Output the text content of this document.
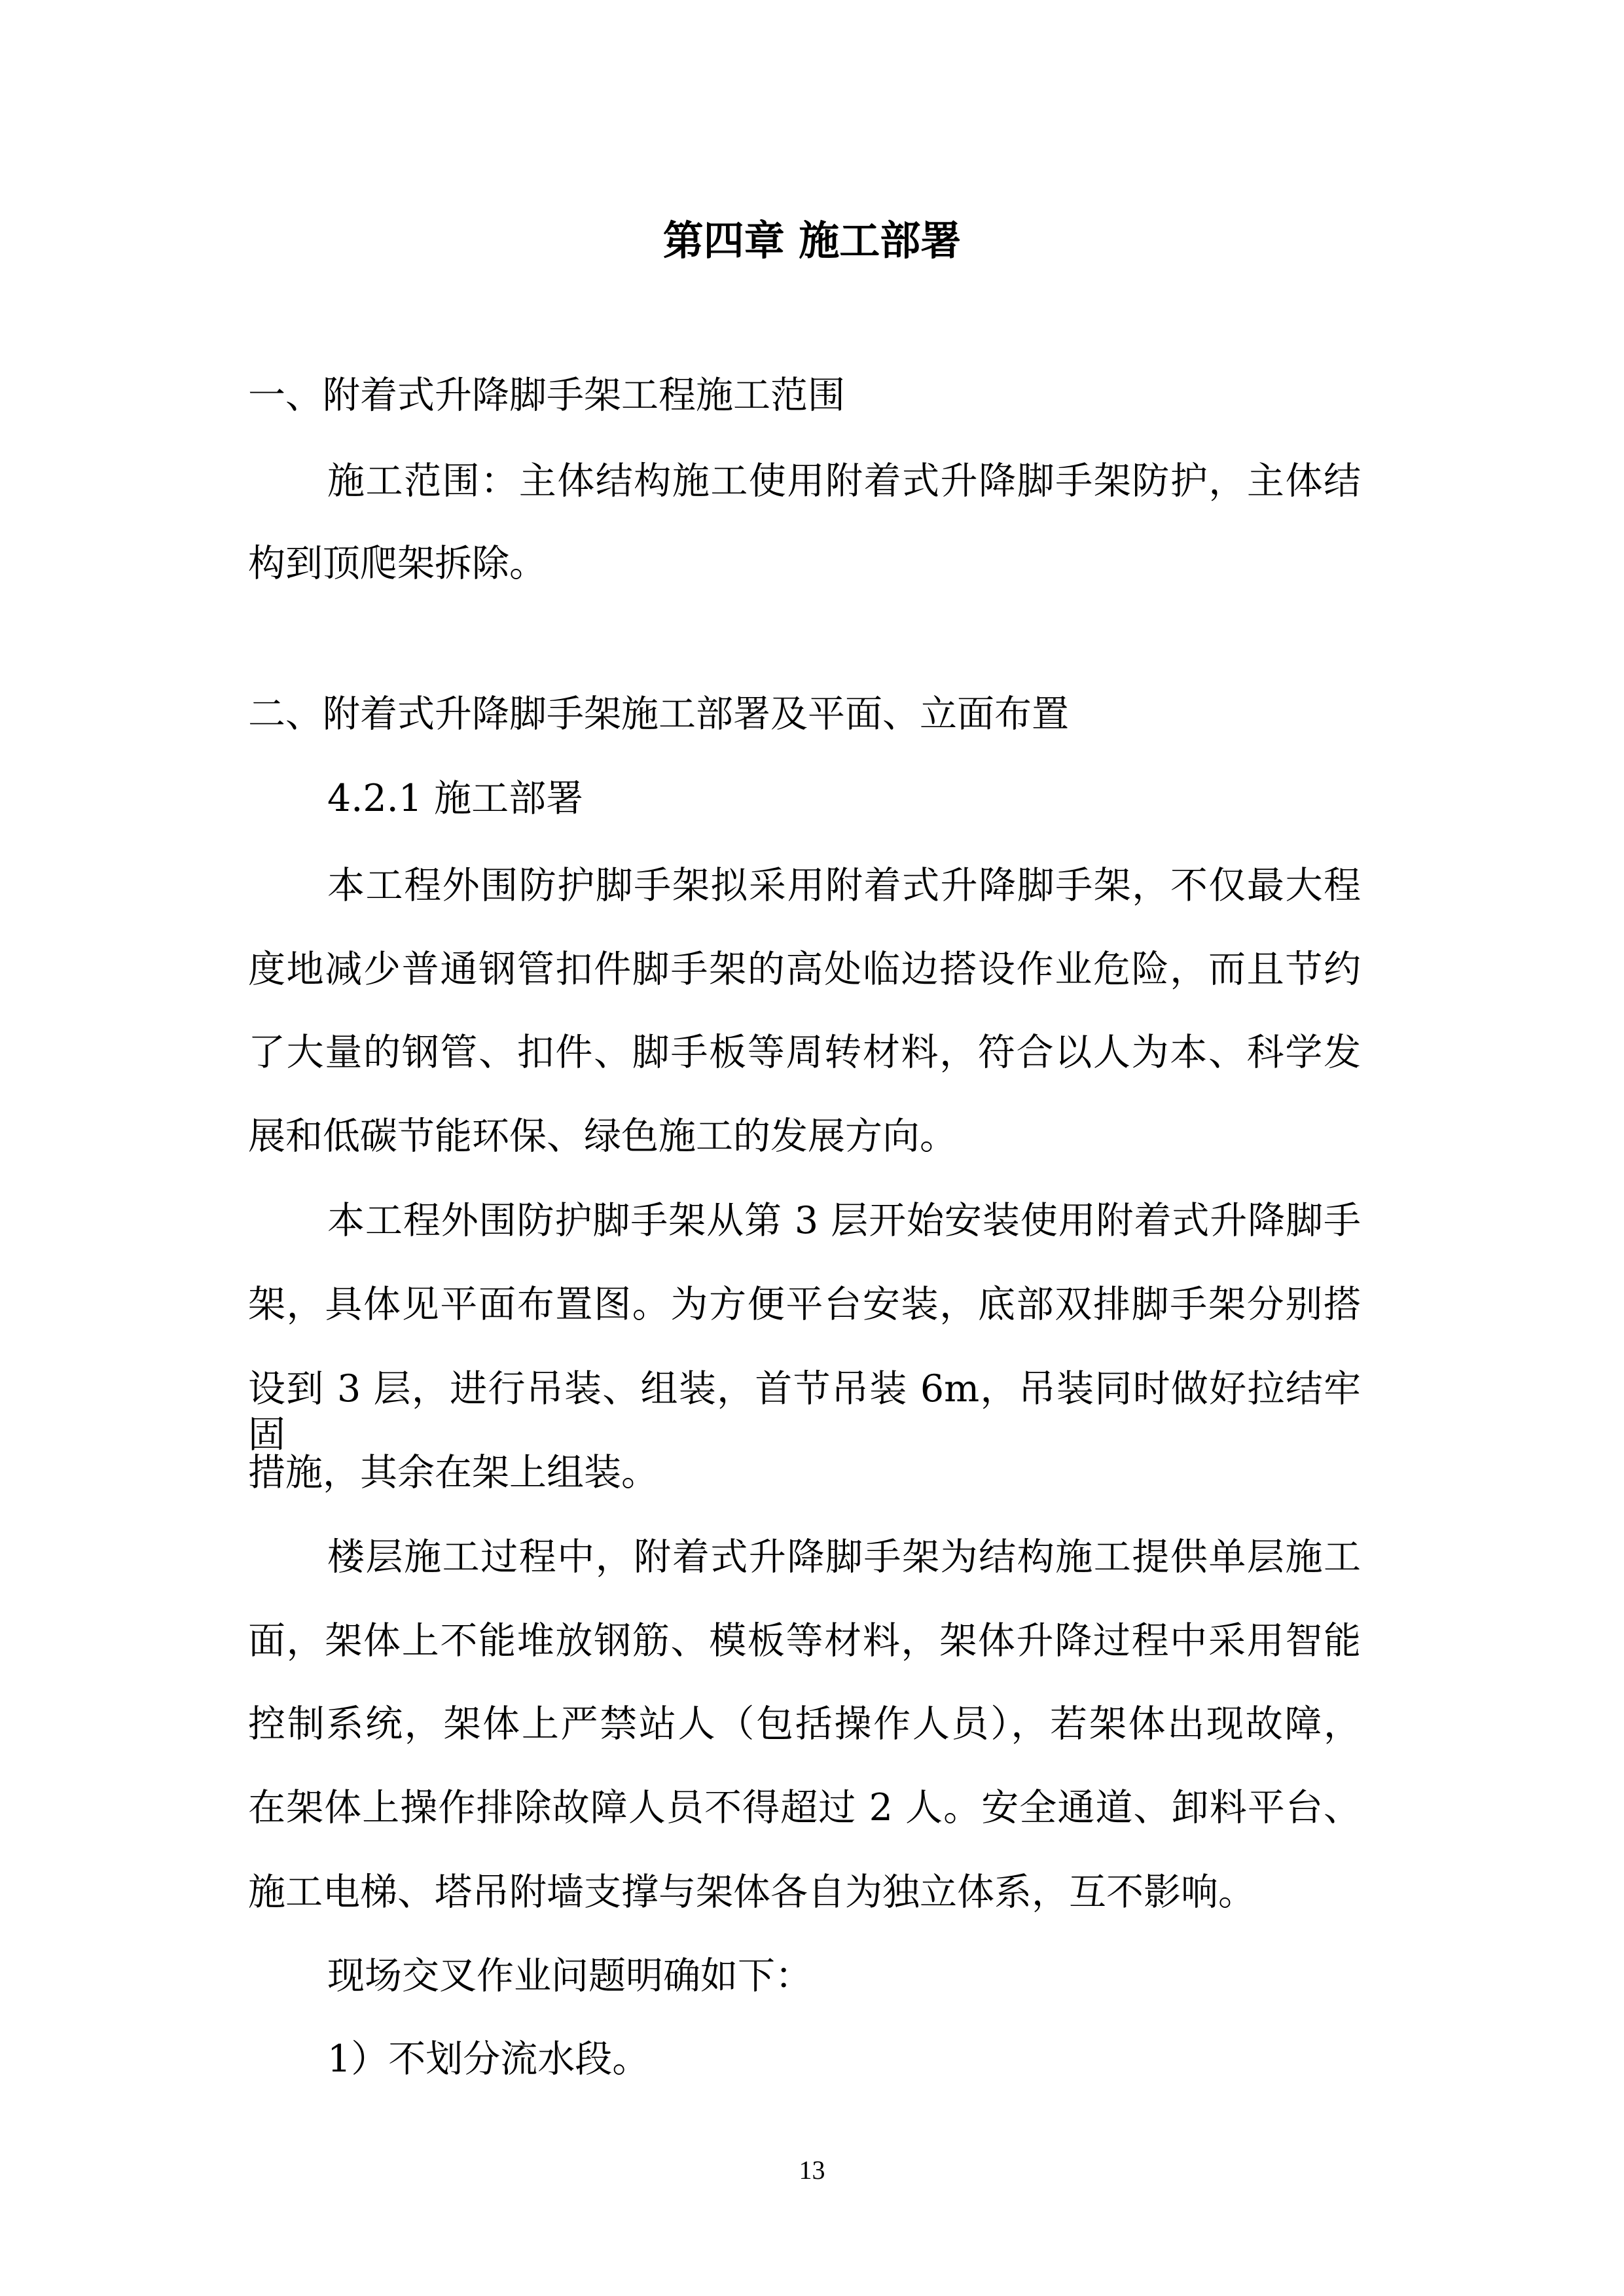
第四章 施工部署
一、附着式升降脚手架工程施工范围
施工范围：主体结构施工使用附着式升降脚手架防护，主体结
构到顶爬架拆除。
二、附着式升降脚手架施工部署及平面、立面布置
4.2.1 施工部署
本工程外围防护脚手架拟采用附着式升降脚手架，不仅最大程
度地减少普通钢管扣件脚手架的高处临边搭设作业危险，而且节约
了大量的钢管、扣件、脚手板等周转材料，符合以人为本、科学发
展和低碳节能环保、绿色施工的发展方向。
本工程外围防护脚手架从第 3 层开始安装使用附着式升降脚手
架，具体见平面布置图。为方便平台安装，底部双排脚手架分别搭
设到 3 层，进行吊装、组装，首节吊装 6m，吊装同时做好拉结牢固
措施，其余在架上组装。
楼层施工过程中，附着式升降脚手架为结构施工提供单层施工
面，架体上不能堆放钢筋、模板等材料，架体升降过程中采用智能
控制系统，架体上严禁站人（包括操作人员），若架体出现故障，
在架体上操作排除故障人员不得超过 2 人。安全通道、卸料平台、
施工电梯、塔吊附墙支撑与架体各自为独立体系，互不影响。
现场交叉作业问题明确如下：
1）不划分流水段。
13
